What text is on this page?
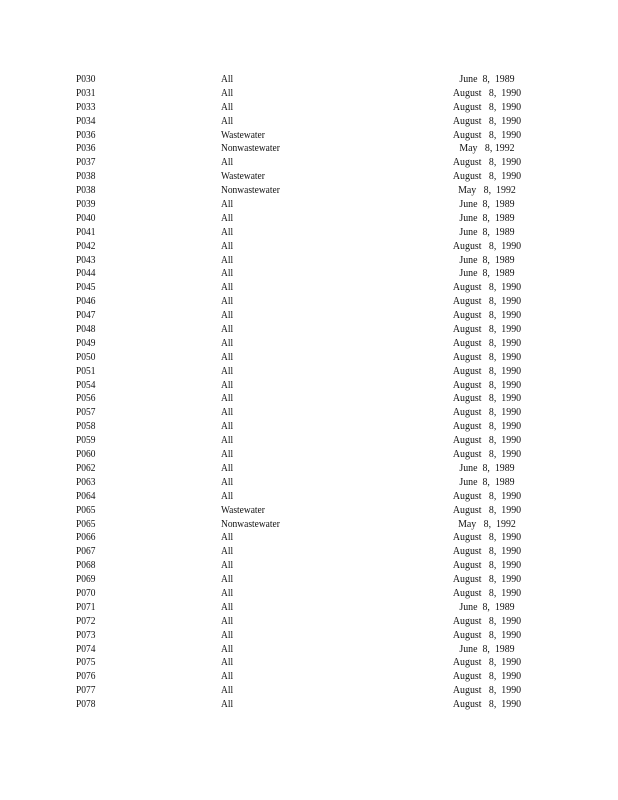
P030	All	June  8,  1989
P031	All	August   8,  1990
P033	All	August   8,  1990
P034	All	August   8,  1990
P036	Wastewater	August   8,  1990
P036	Nonwastewater	May   8, 1992
P037	All	August   8,  1990
P038	Wastewater	August   8,  1990
P038	Nonwastewater	May   8,  1992
P039	All	June  8,  1989
P040	All	June  8,  1989
P041	All	June  8,  1989
P042	All	August   8,  1990
P043	All	June  8,  1989
P044	All	June  8,  1989
P045	All	August   8,  1990
P046	All	August   8,  1990
P047	All	August   8,  1990
P048	All	August   8,  1990
P049	All	August   8,  1990
P050	All	August   8,  1990
P051	All	August   8,  1990
P054	All	August   8,  1990
P056	All	August   8,  1990
P057	All	August   8,  1990
P058	All	August   8,  1990
P059	All	August   8,  1990
P060	All	August   8,  1990
P062	All	June  8,  1989
P063	All	June  8,  1989
P064	All	August   8,  1990
P065	Wastewater	August   8,  1990
P065	Nonwastewater	May   8,  1992
P066	All	August   8,  1990
P067	All	August   8,  1990
P068	All	August   8,  1990
P069	All	August   8,  1990
P070	All	August   8,  1990
P071	All	June  8,  1989
P072	All	August   8,  1990
P073	All	August   8,  1990
P074	All	June  8,  1989
P075	All	August   8,  1990
P076	All	August   8,  1990
P077	All	August   8,  1990
P078	All	August   8,  1990
